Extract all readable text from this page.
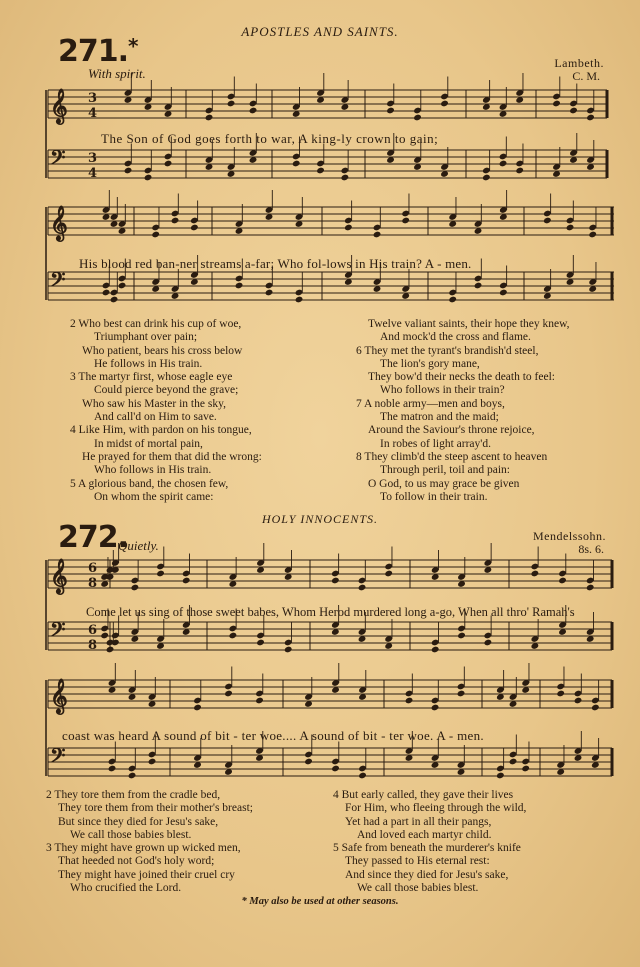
𝄞 3
4
𝄢 3
4
𝄞
𝄢
𝄞 6
8
𝄢 6
8
𝄞
𝄢
APOSTLES AND SAINTS.
271.*
With spirit.
Lambeth.
C. M.
The Son of God goes forth to war, A king-ly crown to gain;
His blood red ban-ner streams a-far; Who fol-lows in His train? A - men.
2 Who best can drink his cup of woe,
Triumphant over pain;
Who patient, bears his cross below
He follows in His train.
3 The martyr first, whose eagle eye
Could pierce beyond the grave;
Who saw his Master in the sky,
And call'd on Him to save.
4 Like Him, with pardon on his tongue,
In midst of mortal pain,
He prayed for them that did the wrong:
Who follows in His train.
5 A glorious band, the chosen few,
On whom the spirit came:
Twelve valiant saints, their hope they knew,
And mock'd the cross and flame.
6 They met the tyrant's brandish'd steel,
The lion's gory mane,
They bow'd their necks the death to feel:
Who follows in their train?
7 A noble army—men and boys,
The matron and the maid;
Around the Saviour's throne rejoice,
In robes of light array'd.
8 They climb'd the steep ascent to heaven
Through peril, toil and pain:
O God, to us may grace be given
To follow in their train.
HOLY INNOCENTS.
272.
Quietly.
Mendelssohn.
8s. 6.
Come let us sing of those sweet babes, Whom Herod murdered long a-go, When all thro' Ramah's
coast was heard A sound of bit - ter woe.... A sound of bit - ter woe. A - men.
2 They tore them from the cradle bed,
They tore them from their mother's breast;
But since they died for Jesu's sake,
We call those babies blest.
3 They might have grown up wicked men,
That heeded not God's holy word;
They might have joined their cruel cry
Who crucified the Lord.
4 But early called, they gave their lives
For Him, who fleeing through the wild,
Yet had a part in all their pangs,
And loved each martyr child.
5 Safe from beneath the murderer's knife
They passed to His eternal rest:
And since they died for Jesu's sake,
We call those babies blest.
* May also be used at other seasons.
